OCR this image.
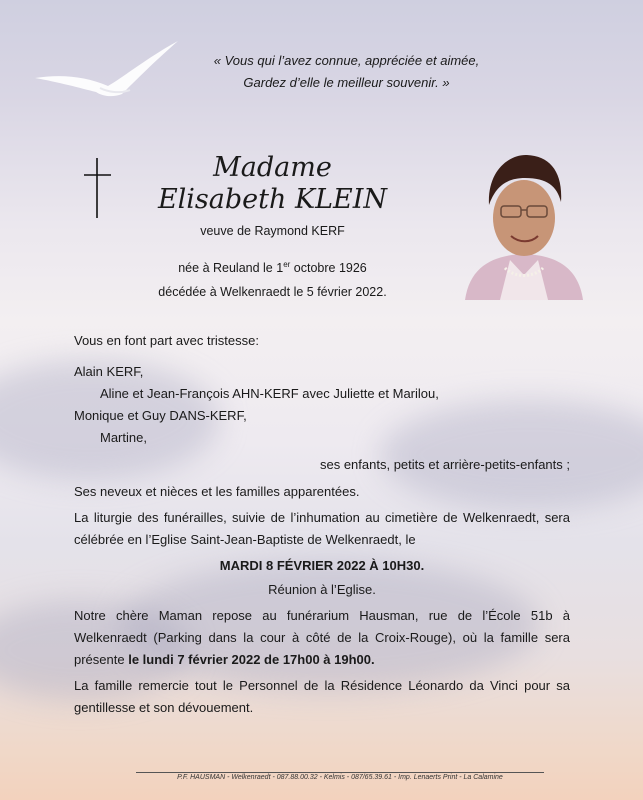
« Vous qui l’avez connue, appréciée et aimée,
Gardez d’elle le meilleur souvenir. »
Madame
Elisabeth KLEIN
veuve de Raymond KERF
née à Reuland le 1er octobre 1926
décédée à Welkenraedt le 5 février 2022.
Vous en font part avec tristesse:
Alain KERF,
Aline et Jean-François AHN-KERF avec Juliette et Marilou,
Monique et Guy DANS-KERF,
Martine,
ses enfants, petits et arrière-petits-enfants ;
Ses neveux et nièces et les familles apparentées.
La liturgie des funérailles, suivie de l’inhumation au cimetière de Welkenraedt, sera célébrée en l’Eglise Saint-Jean-Baptiste de Welkenraedt, le
MARDI 8 FÉVRIER 2022 À 10H30.
Réunion à l’Eglise.
Notre chère Maman repose au funérarium Hausman, rue de l’École 51b à Welkenraedt (Parking dans la cour à côté de la Croix-Rouge), où la famille sera présente le lundi 7 février 2022 de 17h00 à 19h00.
La famille remercie tout le Personnel de la Résidence Léonardo da Vinci pour sa gentillesse et son dévouement.
P.F. HAUSMAN - Welkenraedt - 087.88.00.32 - Kelmis - 087/65.39.61 - Imp. Lenaerts Print - La Calamine
